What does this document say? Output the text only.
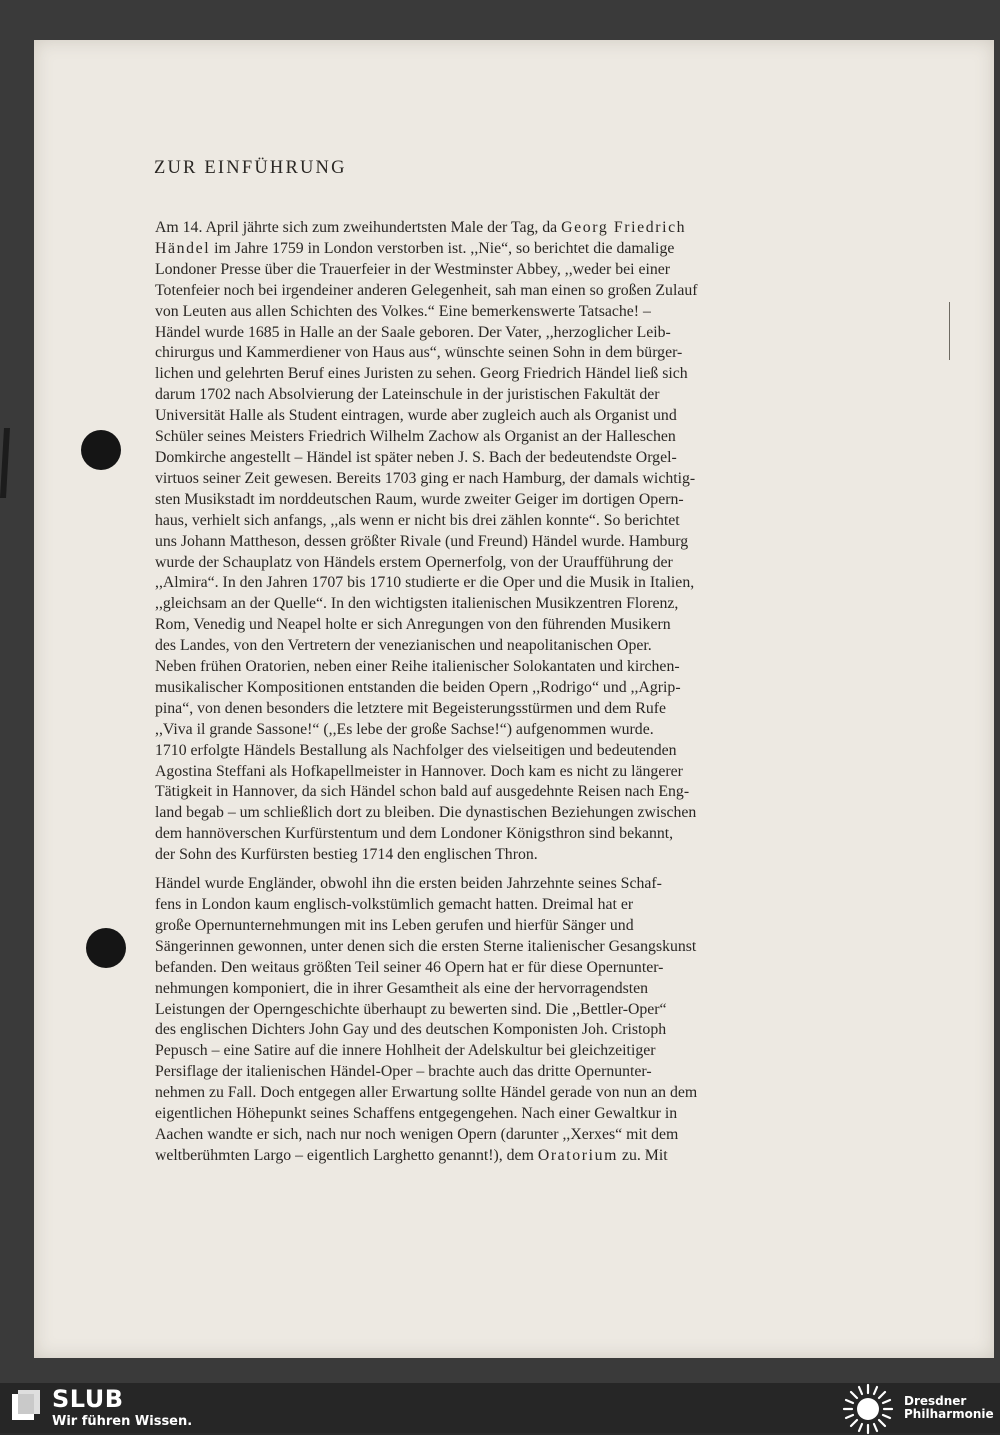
ZUR EINFÜHRUNG
Am 14. April jährte sich zum zweihundertsten Male der Tag, da Georg Friedrich
Händel im Jahre 1759 in London verstorben ist. ,,Nie“, so berichtet die damalige
Londoner Presse über die Trauerfeier in der Westminster Abbey, ,,weder bei einer
Totenfeier noch bei irgendeiner anderen Gelegenheit, sah man einen so großen Zulauf
von Leuten aus allen Schichten des Volkes.“ Eine bemerkenswerte Tatsache! –
Händel wurde 1685 in Halle an der Saale geboren. Der Vater, ,,herzoglicher Leib-
chirurgus und Kammerdiener von Haus aus“, wünschte seinen Sohn in dem bürger-
lichen und gelehrten Beruf eines Juristen zu sehen. Georg Friedrich Händel ließ sich
darum 1702 nach Absolvierung der Lateinschule in der juristischen Fakultät der
Universität Halle als Student eintragen, wurde aber zugleich auch als Organist und
Schüler seines Meisters Friedrich Wilhelm Zachow als Organist an der Halleschen
Domkirche angestellt – Händel ist später neben J. S. Bach der bedeutendste Orgel-
virtuos seiner Zeit gewesen. Bereits 1703 ging er nach Hamburg, der damals wichtig-
sten Musikstadt im norddeutschen Raum, wurde zweiter Geiger im dortigen Opern-
haus, verhielt sich anfangs, ,,als wenn er nicht bis drei zählen konnte“. So berichtet
uns Johann Mattheson, dessen größter Rivale (und Freund) Händel wurde. Hamburg
wurde der Schauplatz von Händels erstem Opernerfolg, von der Uraufführung der
,,Almira“. In den Jahren 1707 bis 1710 studierte er die Oper und die Musik in Italien,
,,gleichsam an der Quelle“. In den wichtigsten italienischen Musikzentren Florenz,
Rom, Venedig und Neapel holte er sich Anregungen von den führenden Musikern
des Landes, von den Vertretern der venezianischen und neapolitanischen Oper.
Neben frühen Oratorien, neben einer Reihe italienischer Solokantaten und kirchen-
musikalischer Kompositionen entstanden die beiden Opern ,,Rodrigo“ und ,,Agrip-
pina“, von denen besonders die letztere mit Begeisterungsstürmen und dem Rufe
,,Viva il grande Sassone!“ (,,Es lebe der große Sachse!“) aufgenommen wurde.
1710 erfolgte Händels Bestallung als Nachfolger des vielseitigen und bedeutenden
Agostina Steffani als Hofkapellmeister in Hannover. Doch kam es nicht zu längerer
Tätigkeit in Hannover, da sich Händel schon bald auf ausgedehnte Reisen nach Eng-
land begab – um schließlich dort zu bleiben. Die dynastischen Beziehungen zwischen
dem hannöverschen Kurfürstentum und dem Londoner Königsthron sind bekannt,
der Sohn des Kurfürsten bestieg 1714 den englischen Thron.
Händel wurde Engländer, obwohl ihn die ersten beiden Jahrzehnte seines Schaf-
fens in London kaum englisch-volkstümlich gemacht hatten. Dreimal hat er
große Opernunternehmungen mit ins Leben gerufen und hierfür Sänger und
Sängerinnen gewonnen, unter denen sich die ersten Sterne italienischer Gesangskunst
befanden. Den weitaus größten Teil seiner 46 Opern hat er für diese Opernunter-
nehmungen komponiert, die in ihrer Gesamtheit als eine der hervorragendsten
Leistungen der Operngeschichte überhaupt zu bewerten sind. Die ,,Bettler-Oper“
des englischen Dichters John Gay und des deutschen Komponisten Joh. Cristoph
Pepusch – eine Satire auf die innere Hohlheit der Adelskultur bei gleichzeitiger
Persiflage der italienischen Händel-Oper – brachte auch das dritte Opernunter-
nehmen zu Fall. Doch entgegen aller Erwartung sollte Händel gerade von nun an dem
eigentlichen Höhepunkt seines Schaffens entgegengehen. Nach einer Gewaltkur in
Aachen wandte er sich, nach nur noch wenigen Opern (darunter ,,Xerxes“ mit dem
weltberühmten Largo – eigentlich Larghetto genannt!), dem Oratorium zu. Mit
SLUB
Wir führen Wissen.
Dresdner
Philharmonie
